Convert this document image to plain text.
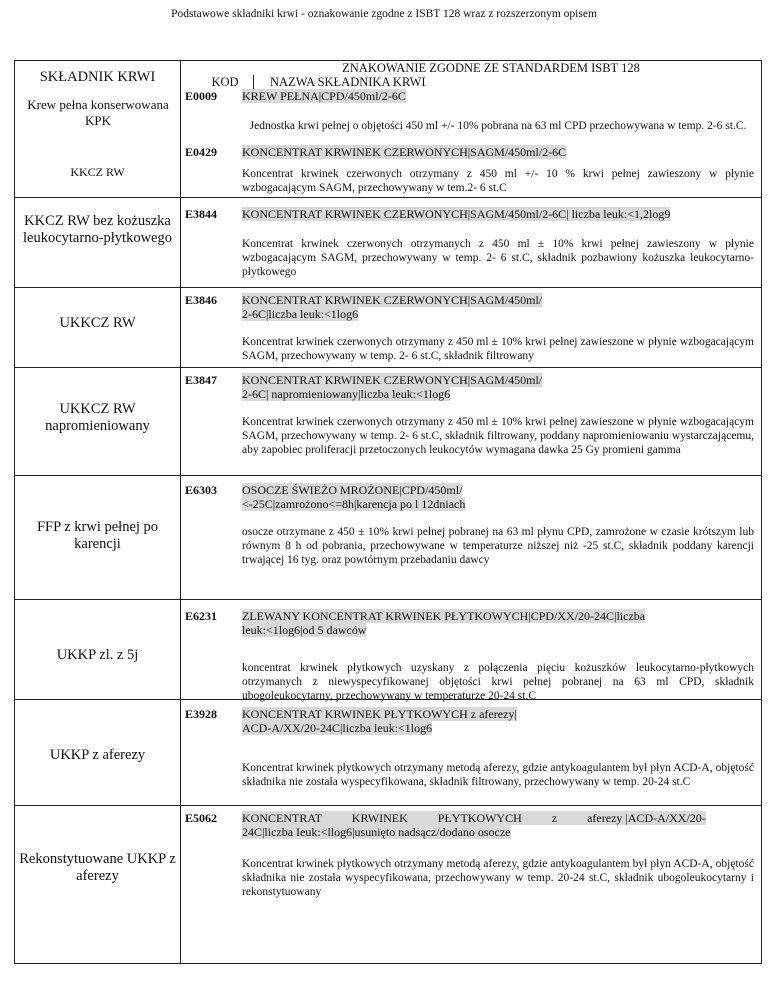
Podstawowe składniki krwi - oznakowanie zgodne z ISBT 128 wraz z rozszerzonym opisem
SKŁADNIK KRWI
ZNAKOWANIE ZGODNE ZE STANDARDEM ISBT 128
KOD	NAZWA SKŁADNIKA KRWI
Krew pełna konserwowana KPK
E0009 KREW PEŁNA|CPD/450ml/2-6C
Jednostka krwi pełnej o objętości 450 ml +/- 10% pobrana na 63 ml CPD przechowywana w temp. 2-6 st.C.
KKCZ RW
E0429 KONCENTRAT KRWINEK CZERWONYCH|SAGM/450ml/2-6C
Koncentrat krwinek czerwonych otrzymany z 450 ml +/- 10 % krwi pełnej zawieszony w płynie wzbogacającym SAGM, przechowywany w tem.2- 6 st.C
KKCZ RW bez kożuszka leukocytarno-płytkowego
E3844 KONCENTRAT KRWINEK CZERWONYCH|SAGM/450ml/2-6C| liczba leuk:<1,2log9
Koncentrat krwinek czerwonych otrzymanych z 450 ml ± 10% krwi pełnej zawieszony w płynie wzbogacającym SAGM, przechowywany w temp. 2- 6 st.C, składnik pozbawiony kożuszka leukocytarno-płytkowego
UKKCZ RW
E3846 KONCENTRAT KRWINEK CZERWONYCH|SAGM/450ml/
2-6C|liczba leuk:<1log6
Koncentrat krwinek czerwonych otrzymany z 450 ml ± 10% krwi pełnej zawieszone w płynie wzbogacającym SAGM, przechowywany w temp. 2- 6 st.C, składnik filtrowany
UKKCZ RW napromieniowany
E3847 KONCENTRAT KRWINEK CZERWONYCH|SAGM/450ml/
2-6C| napromieniowany|liczba leuk:<1log6
Koncentrat krwinek czerwonych otrzymany z 450 ml ± 10% krwi pełnej zawieszone w płynie wzbogacającym SAGM, przechowywany w temp. 2- 6 st.C, składnik filtrowany, poddany napromieniowaniu wystarczającemu, aby zapobiec proliferacji przetoczonych leukocytów wymagana dawka 25 Gy promieni gamma
FFP z krwi pełnej po karencji
E6303 OSOCZE ŚWIEŻO MROŻONE|CPD/450ml/
<-25C|zamrożono<=8h|karencja po l 12dniach
osocze otrzymane z 450 ± 10% krwi pełnej pobranej na 63 ml płynu CPD, zamrożone w czasie krótszym lub równym 8 h od pobrania, przechowywane w temperaturze niższej niż -25 st.C, składnik poddany karencji trwającej 16 tyg. oraz powtórnym przebadaniu dawcy
UKKP zl. z 5j
E6231 ZLEWANY KONCENTRAT KRWINEK PŁYTKOWYCH|CPD/XX/20-24C|liczba
leuk:<1log6|od 5 dawców
koncentrat krwinek płytkowych uzyskany z połączenia pięciu kożuszków leukocytarno-płytkowych otrzymanych z niewyspecyfikowanej objętości krwi pełnej pobranej na 63 ml CPD, składnik ubogoleukocytarny, przechowywany w temperaturze 20-24 st.C
UKKP z aferezy
E3928 KONCENTRAT KRWINEK PŁYTKOWYCH z aferezy|
ACD-A/XX/20-24C|liczba leuk:<1log6
Koncentrat krwinek płytkowych otrzymany metodą aferezy, gdzie antykoagulantem był płyn ACD-A, objętość składnika nie została wyspecyfikowana, składnik filtrowany, przechowywany w temp. 20-24 st.C
Rekonstytuowane UKKP z aferezy
E5062 KONCENTRAT          KRWINEK          PŁYTKOWYCH          z          aferezy |ACD-A/XX/20-
24C|liczba Ieuk:<llog6|usunięto nadsącz/dodano osocze
Koncentrat krwinek płytkowych otrzymany metodą aferezy, gdzie antykoagulantem był płyn ACD-A, objętość składnika nie została wyspecyfikowana, przechowywany w temp. 20-24 st.C, składnik ubogoleukocytarny i rekonstytuowany
